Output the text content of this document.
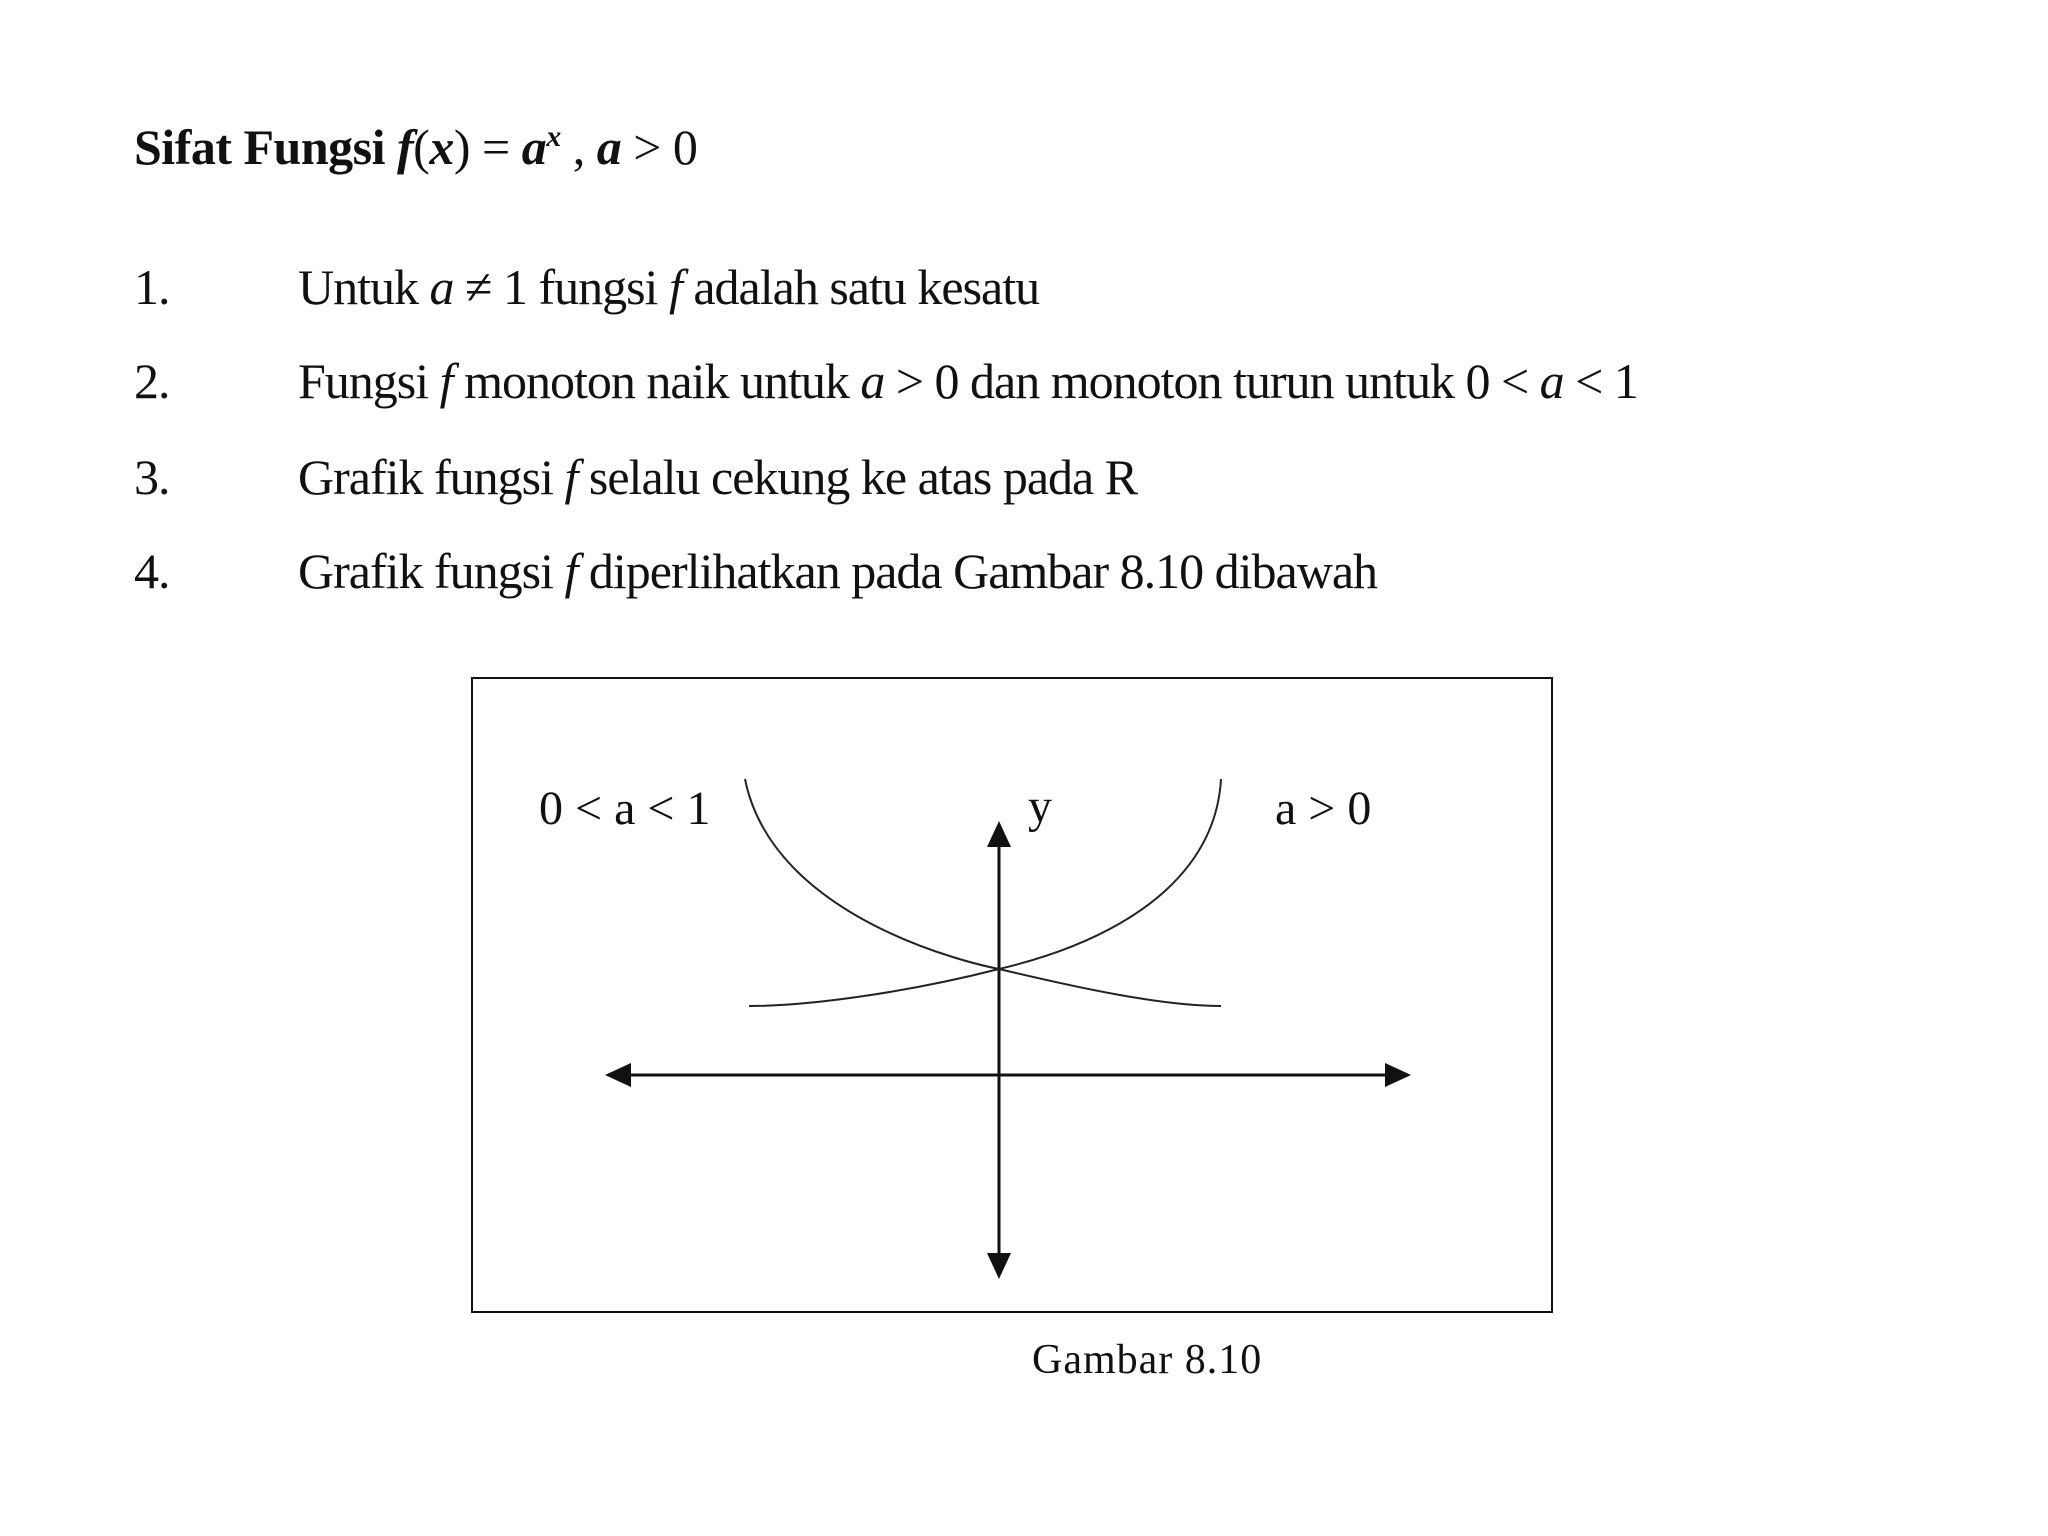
Sifat Fungsi $f(x) = a^x$ , a > 0
1.	Untuk a ≠ 1 fungsi f adalah satu kesatu
2.	Fungsi f monoton naik untuk a > 0 dan monoton turun untuk 0 < a < 1
3.	Grafik fungsi f selalu cekung ke atas pada R
4.	Grafik fungsi f diperlihatkan pada Gambar 8.10 dibawah
0 < a < 1	y	a > 0
Gambar 8.10
